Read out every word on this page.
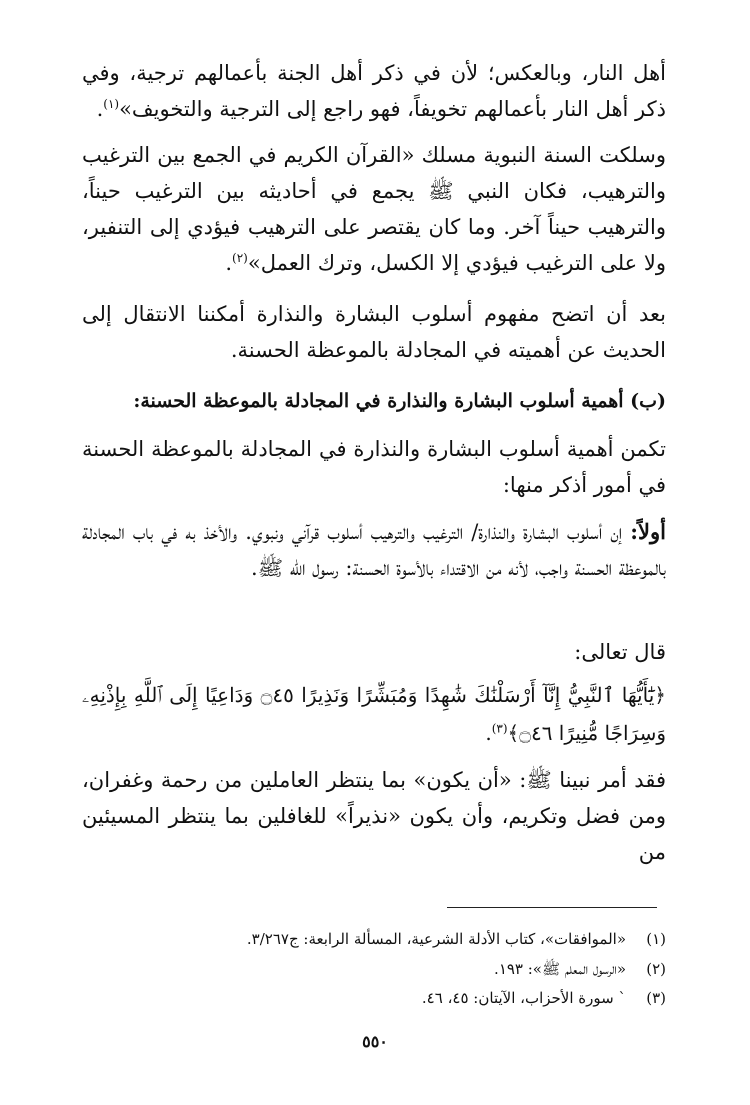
أهل النار، وبالعكس؛ لأن في ذكر أهل الجنة بأعمالهم ترجية، وفي ذكر أهل النار بأعمالهم تخويفاً، فهو راجع إلى الترجية والتخويف»$^{(١)}$.

وسلكت السنة النبوية مسلك «القرآن الكريم في الجمع بين الترغيب والترهيب، فكان النبي ﷺ يجمع في أحاديثه بين الترغيب حيناً، والترهيب حيناً آخر. وما كان يقتصر على الترهيب فيؤدي إلى التنفير، ولا على الترغيب فيؤدي إلا الكسل، وترك العمل»$^{(٢)}$.

بعد أن اتضح مفهوم أسلوب البشارة والنذارة أمكننا الانتقال إلى الحديث عن أهميته في المجادلة بالموعظة الحسنة.

(ب) أهمية أسلوب البشارة والنذارة في المجادلة بالموعظة الحسنة:

تكمن أهمية أسلوب البشارة والنذارة في المجادلة بالموعظة الحسنة في أمور أذكر منها:

أولاً: إن أسلوب البشارة والنذارة/ الترغيب والترهيب أسلوب قرآني ونبوي. والأخذ به في باب المجادلة بالموعظة الحسنة واجب، لأنه من الاقتداء بالأسوة الحسنة: رسول الله ﷺ.

قال تعالى:

﴿يَٰٓأَيُّهَا ٱلنَّبِيُّ إِنَّآ أَرْسَلْنَٰكَ شَٰهِدًا وَمُبَشِّرًا وَنَذِيرًا ۝٤٥ وَدَاعِيًا إِلَى ٱللَّهِ بِإِذْنِهِۦ وَسِرَاجًا مُّنِيرًا ۝٤٦﴾$^{(٣)}$.

فقد أمر نبينا ﷺ: «أن يكون» بما ينتظر العاملين من رحمة وغفران، ومن فضل وتكريم، وأن يكون «نذيراً» للغافلين بما ينتظر المسيئين من

(١)«الموافقات»، كتاب الأدلة الشرعية، المسألة الرابعة: ج٣/٢٦٧.
(٢)«الرسول المعلم ﷺ»: ١٩٣.
(٣)` سورة الأحزاب، الآيتان: ٤٥، ٤٦.
٥٥٠
